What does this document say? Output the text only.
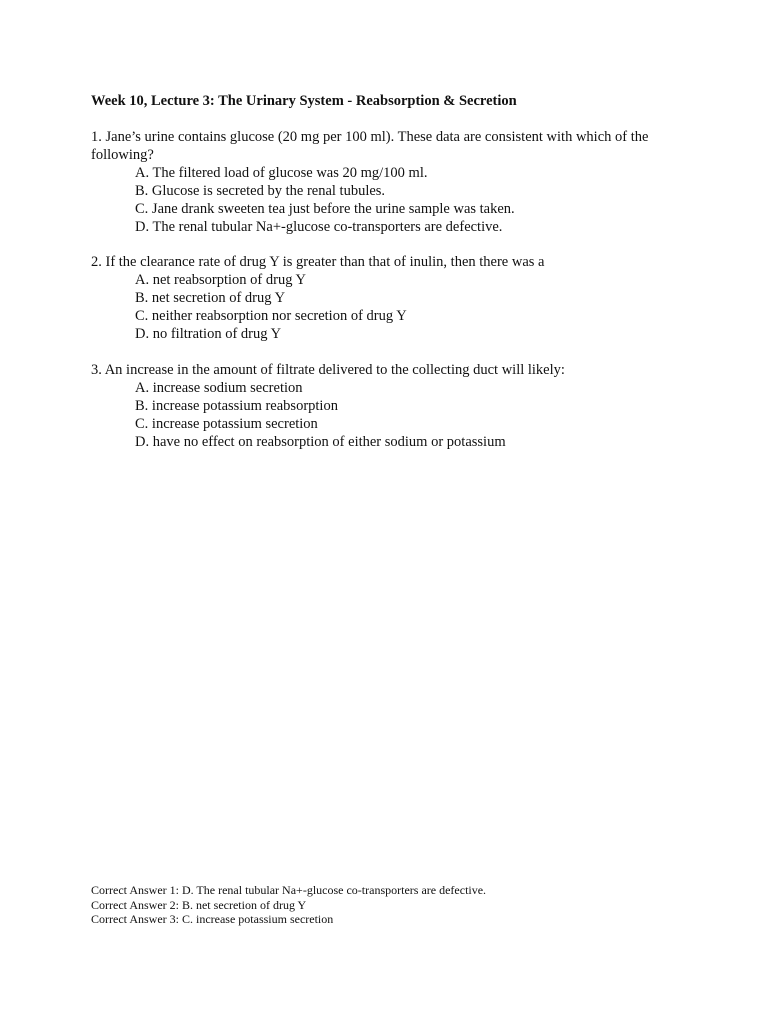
Week 10, Lecture 3: The Urinary System - Reabsorption & Secretion

1. Jane’s urine contains glucose (20 mg per 100 ml). These data are consistent with which of the following?

A. The filtered load of glucose was 20 mg/100 ml.
B. Glucose is secreted by the renal tubules.
C. Jane drank sweeten tea just before the urine sample was taken.
D. The renal tubular Na+-glucose co-transporters are defective.

2. If the clearance rate of drug Y is greater than that of inulin, then there was a

A. net reabsorption of drug Y
B. net secretion of drug Y
C. neither reabsorption nor secretion of drug Y
D. no filtration of drug Y

3. An increase in the amount of filtrate delivered to the collecting duct will likely:

A. increase sodium secretion
B. increase potassium reabsorption
C. increase potassium secretion
D. have no effect on reabsorption of either sodium or potassium
Correct Answer 1: D. The renal tubular Na+-glucose co-transporters are defective.
Correct Answer 2: B. net secretion of drug Y
Correct Answer 3: C. increase potassium secretion
